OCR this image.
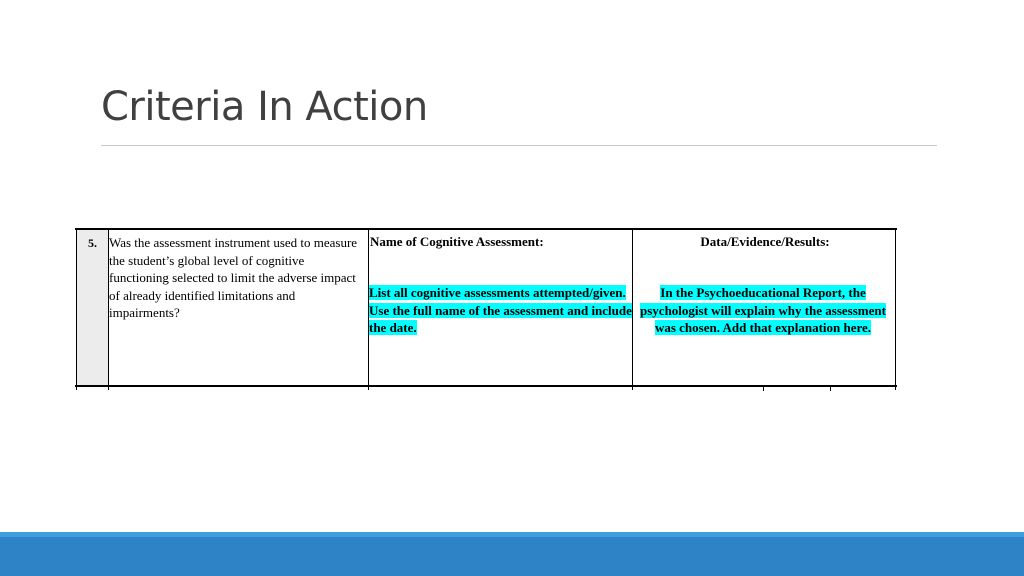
Criteria In Action
5. Was the assessment instrument used to measure the student’s global level of cognitive functioning selected to limit the adverse impact of already identified limitations and impairments?
Name of Cognitive Assessment:
List all cognitive assessments attempted/given. Use the full name of the assessment and include the date.
Data/Evidence/Results:
In the Psychoeducational Report, the psychologist will explain why the assessment was chosen. Add that explanation here.
